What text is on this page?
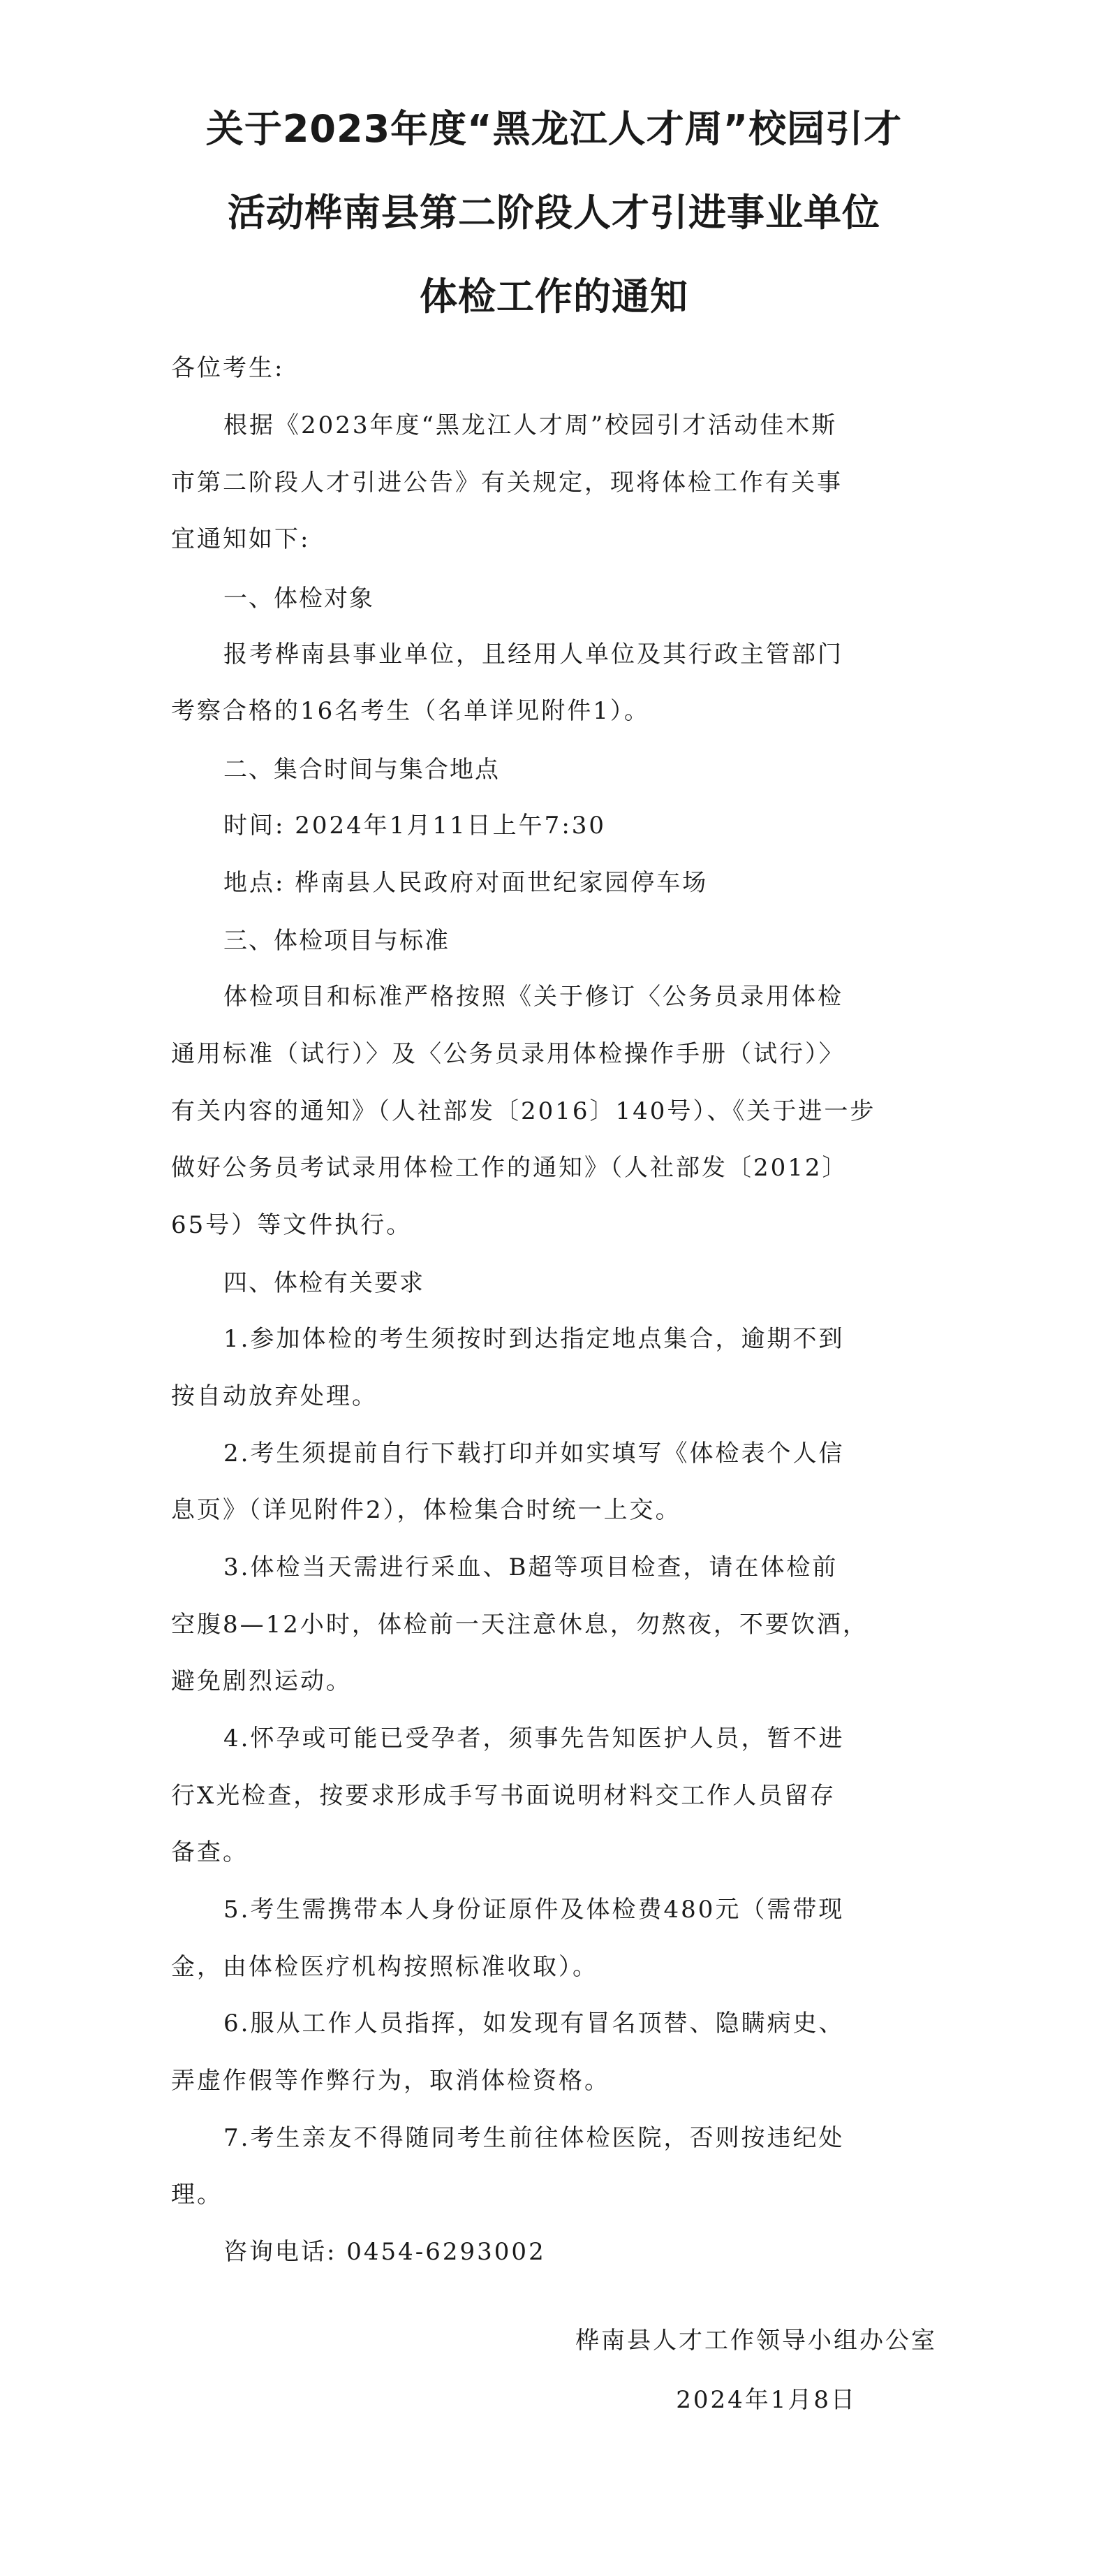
关于2023年度“黑龙江人才周”校园引才
活动桦南县第二阶段人才引进事业单位
体检工作的通知
各位考生:
根据《2023年度“黑龙江人才周”校园引才活动佳木斯
市第二阶段人才引进公告》有关规定，现将体检工作有关事
宜通知如下:
一、体检对象
报考桦南县事业单位，且经用人单位及其行政主管部门
考察合格的16名考生（名单详见附件1）。
二、集合时间与集合地点
时间: 2024年1月11日上午7:30
地点: 桦南县人民政府对面世纪家园停车场
三、体检项目与标准
体检项目和标准严格按照《关于修订〈公务员录用体检
通用标准（试行）〉及〈公务员录用体检操作手册（试行）〉
有关内容的通知》（人社部发〔2016〕140号）、《关于进一步
做好公务员考试录用体检工作的通知》（人社部发〔2012〕
65号）等文件执行。
四、体检有关要求
1.参加体检的考生须按时到达指定地点集合，逾期不到
按自动放弃处理。
2.考生须提前自行下载打印并如实填写《体检表个人信
息页》（详见附件2），体检集合时统一上交。
3.体检当天需进行采血、B超等项目检查，请在体检前
空腹8—12小时，体检前一天注意休息，勿熬夜，不要饮酒，
避免剧烈运动。
4.怀孕或可能已受孕者，须事先告知医护人员，暂不进
行X光检查，按要求形成手写书面说明材料交工作人员留存
备查。
5.考生需携带本人身份证原件及体检费480元（需带现
金，由体检医疗机构按照标准收取）。
6.服从工作人员指挥，如发现有冒名顶替、隐瞒病史、
弄虚作假等作弊行为，取消体检资格。
7.考生亲友不得随同考生前往体检医院，否则按违纪处
理。
咨询电话: 0454-6293002
桦南县人才工作领导小组办公室
2024年1月8日
